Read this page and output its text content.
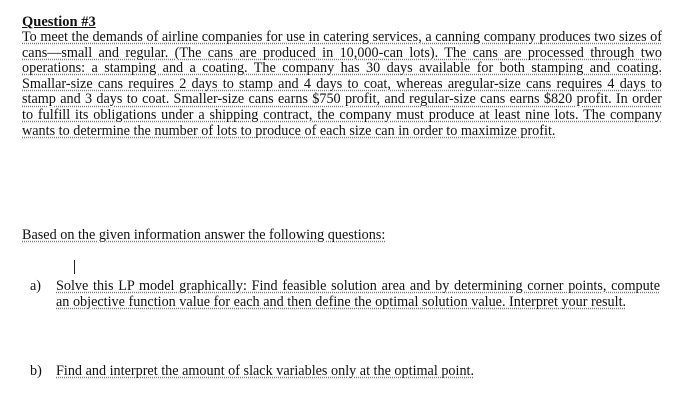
Question #3

To meet the demands of airline companies for use in catering services, a canning company produces two sizes of cans—small and regular. (The cans are produced in 10,000-can lots). The cans are processed through two operations: a stamping and a coating. The company has 30 days available for both stamping and coating. Smallar-size cans requires 2 days to stamp and 4 days to coat, whereas aregular-size cans requires 4 days to stamp and 3 days to coat. Smaller-size cans earns $750 profit, and regular-size cans earns $820 profit. In order to fulfill its obligations under a shipping contract, the company must produce at least nine lots. The company wants to determine the number of lots to produce of each size can in order to maximize profit.

Based on the given information answer the following questions:
a)	Solve this LP model graphically: Find feasible solution area and by determining corner points, compute an objective function value for each and then define the optimal solution value. Interpret your result.
b) Find and interpret the amount of slack variables only at the optimal point.
